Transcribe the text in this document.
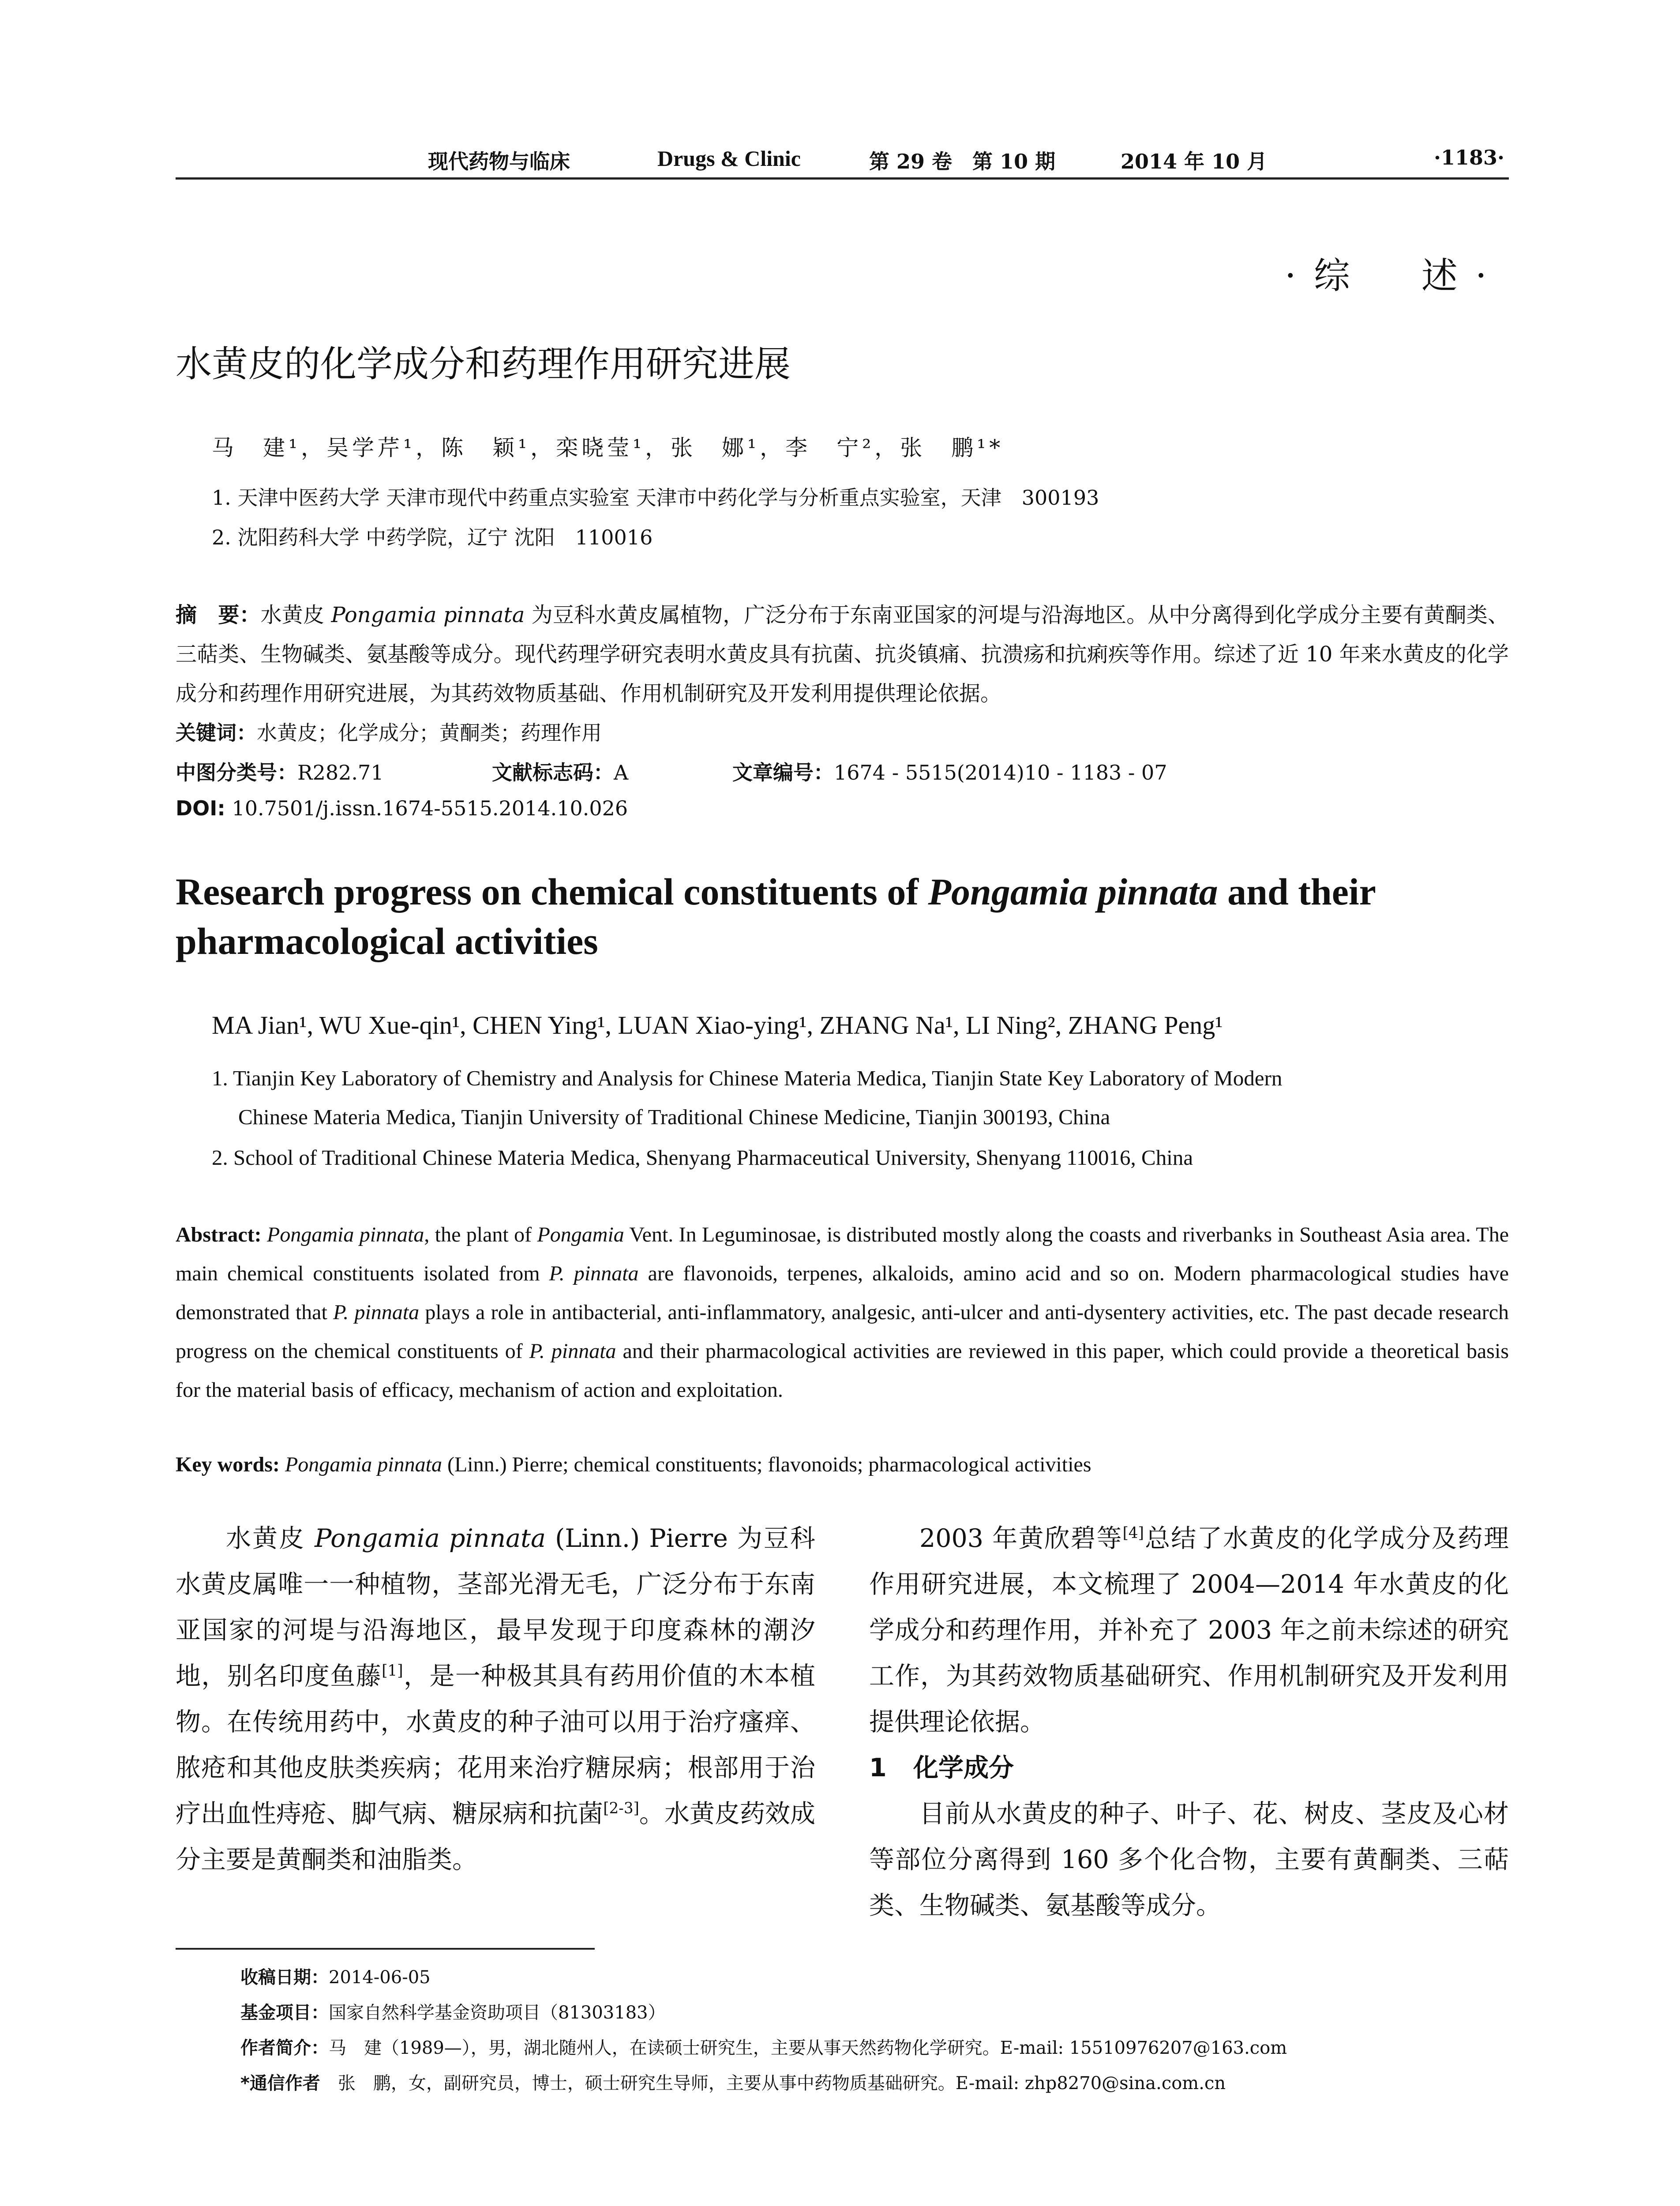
现代药物与临床	Drugs & Clinic	第 29 卷　第 10 期	2014 年 10 月	·1183·
·综　述·
水黄皮的化学成分和药理作用研究进展
马　建¹，吴学芹¹，陈　颖¹，栾晓莹¹，张　娜¹，李　宁²，张　鹏¹*
1. 天津中医药大学 天津市现代中药重点实验室 天津市中药化学与分析重点实验室，天津　300193
2. 沈阳药科大学 中药学院，辽宁 沈阳　110016
摘　要：水黄皮 Pongamia pinnata 为豆科水黄皮属植物，广泛分布于东南亚国家的河堤与沿海地区。从中分离得到化学成分主要有黄酮类、三萜类、生物碱类、氨基酸等成分。现代药理学研究表明水黄皮具有抗菌、抗炎镇痛、抗溃疡和抗痢疾等作用。综述了近 10 年来水黄皮的化学成分和药理作用研究进展，为其药效物质基础、作用机制研究及开发利用提供理论依据。
关键词：水黄皮；化学成分；黄酮类；药理作用
中图分类号：R282.71	文献标志码：A	文章编号：1674 - 5515(2014)10 - 1183 - 07
DOI: 10.7501/j.issn.1674-5515.2014.10.026
Research progress on chemical constituents of Pongamia pinnata and their pharmacological activities
MA Jian¹, WU Xue-qin¹, CHEN Ying¹, LUAN Xiao-ying¹, ZHANG Na¹, LI Ning², ZHANG Peng¹
1. Tianjin Key Laboratory of Chemistry and Analysis for Chinese Materia Medica, Tianjin State Key Laboratory of Modern
Chinese Materia Medica, Tianjin University of Traditional Chinese Medicine, Tianjin 300193, China
2. School of Traditional Chinese Materia Medica, Shenyang Pharmaceutical University, Shenyang 110016, China
Abstract: Pongamia pinnata, the plant of Pongamia Vent. In Leguminosae, is distributed mostly along the coasts and riverbanks in Southeast Asia area. The main chemical constituents isolated from P. pinnata are flavonoids, terpenes, alkaloids, amino acid and so on. Modern pharmacological studies have demonstrated that P. pinnata plays a role in antibacterial, anti-inflammatory, analgesic, anti-ulcer and anti-dysentery activities, etc. The past decade research progress on the chemical constituents of P. pinnata and their pharmacological activities are reviewed in this paper, which could provide a theoretical basis for the material basis of efficacy, mechanism of action and exploitation.
Key words: Pongamia pinnata (Linn.) Pierre; chemical constituents; flavonoids; pharmacological activities

水黄皮 Pongamia pinnata (Linn.) Pierre 为豆科水黄皮属唯一一种植物，茎部光滑无毛，广泛分布于东南亚国家的河堤与沿海地区，最早发现于印度森林的潮汐地，别名印度鱼藤[1]，是一种极其具有药用价值的木本植物。在传统用药中，水黄皮的种子油可以用于治疗瘙痒、脓疮和其他皮肤类疾病；花用来治疗糖尿病；根部用于治疗出血性痔疮、脚气病、糖尿病和抗菌[2-3]。水黄皮药效成分主要是黄酮类和油脂类。

2003 年黄欣碧等[4]总结了水黄皮的化学成分及药理作用研究进展，本文梳理了 2004—2014 年水黄皮的化学成分和药理作用，并补充了 2003 年之前未综述的研究工作，为其药效物质基础研究、作用机制研究及开发利用提供理论依据。

1 化学成分

目前从水黄皮的种子、叶子、花、树皮、茎皮及心材等部位分离得到 160 多个化合物，主要有黄酮类、三萜类、生物碱类、氨基酸等成分。

收稿日期：2014-06-05
基金项目：国家自然科学基金资助项目（81303183）
作者简介：马　建（1989—），男，湖北随州人，在读硕士研究生，主要从事天然药物化学研究。E-mail: 15510976207@163.com
*通信作者　 张　鹏，女，副研究员，博士，硕士研究生导师，主要从事中药物质基础研究。E-mail: zhp8270@sina.com.cn
